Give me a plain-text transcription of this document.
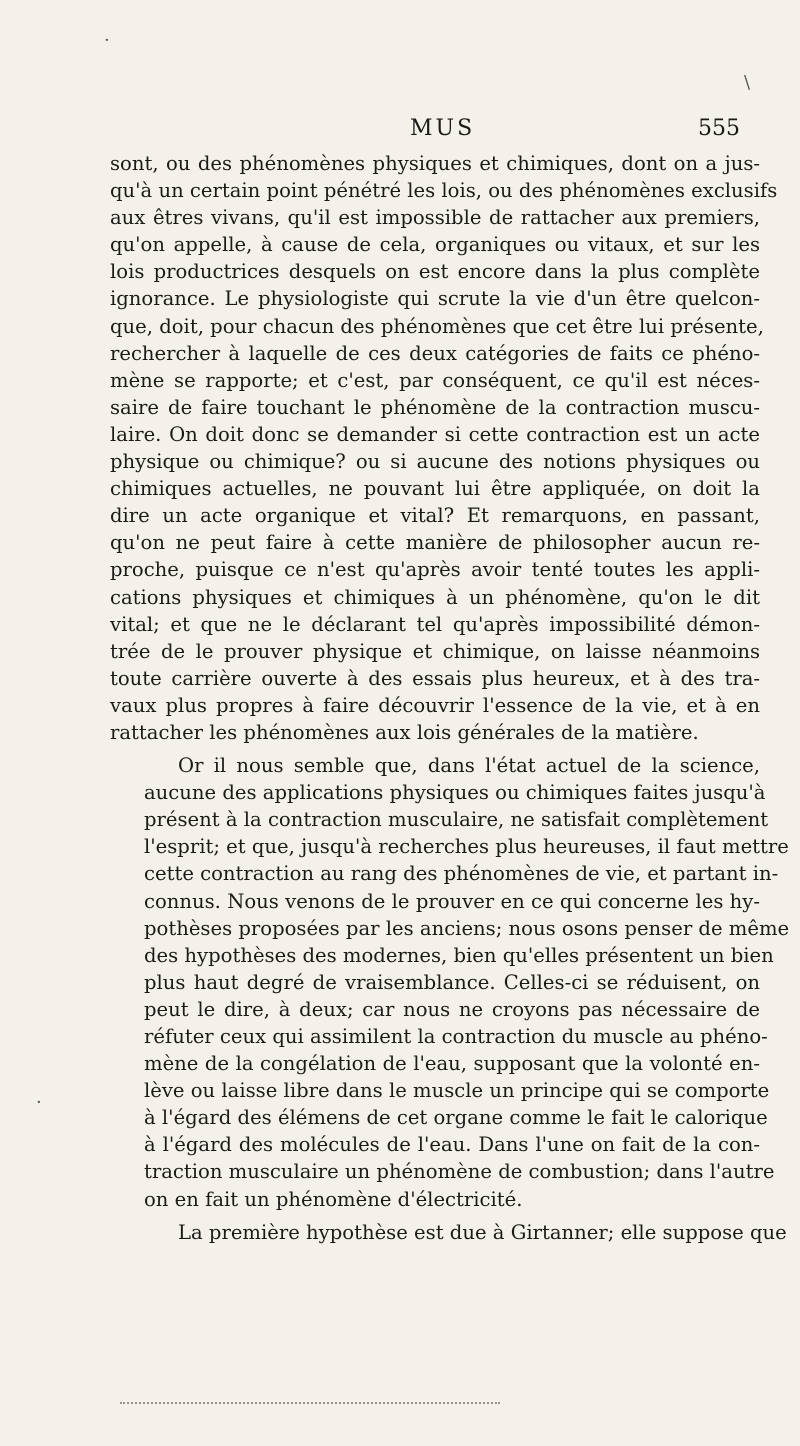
MUS	555
sont, ou des phénomènes physiques et chimiques, dont on a jus-
qu'à un certain point pénétré les lois, ou des phénomènes exclusifs
aux êtres vivans, qu'il est impossible de rattacher aux premiers,
qu'on appelle, à cause de cela, organiques ou vitaux, et sur les
lois productrices desquels on est encore dans la plus complète
ignorance. Le physiologiste qui scrute la vie d'un être quelcon-
que, doit, pour chacun des phénomènes que cet être lui présente,
rechercher à laquelle de ces deux catégories de faits ce phéno-
mène se rapporte; et c'est, par conséquent, ce qu'il est néces-
saire de faire touchant le phénomène de la contraction muscu-
laire. On doit donc se demander si cette contraction est un acte
physique ou chimique? ou si aucune des notions physiques ou
chimiques actuelles, ne pouvant lui être appliquée, on doit la
dire un acte organique et vital? Et remarquons, en passant,
qu'on ne peut faire à cette manière de philosopher aucun re-
proche, puisque ce n'est qu'après avoir tenté toutes les appli-
cations physiques et chimiques à un phénomène, qu'on le dit
vital; et que ne le déclarant tel qu'après impossibilité démon-
trée de le prouver physique et chimique, on laisse néanmoins
toute carrière ouverte à des essais plus heureux, et à des tra-
vaux plus propres à faire découvrir l'essence de la vie, et à en
rattacher les phénomènes aux lois générales de la matière.
Or il nous semble que, dans l'état actuel de la science,
aucune des applications physiques ou chimiques faites jusqu'à
présent à la contraction musculaire, ne satisfait complètement
l'esprit; et que, jusqu'à recherches plus heureuses, il faut mettre
cette contraction au rang des phénomènes de vie, et partant in-
connus. Nous venons de le prouver en ce qui concerne les hy-
pothèses proposées par les anciens; nous osons penser de même
des hypothèses des modernes, bien qu'elles présentent un bien
plus haut degré de vraisemblance. Celles-ci se réduisent, on
peut le dire, à deux; car nous ne croyons pas nécessaire de
réfuter ceux qui assimilent la contraction du muscle au phéno-
mène de la congélation de l'eau, supposant que la volonté en-
lève ou laisse libre dans le muscle un principe qui se comporte
à l'égard des élémens de cet organe comme le fait le calorique
à l'égard des molécules de l'eau. Dans l'une on fait de la con-
traction musculaire un phénomène de combustion; dans l'autre
on en fait un phénomène d'électricité.
La première hypothèse est due à Girtanner; elle suppose que
·
\
·
